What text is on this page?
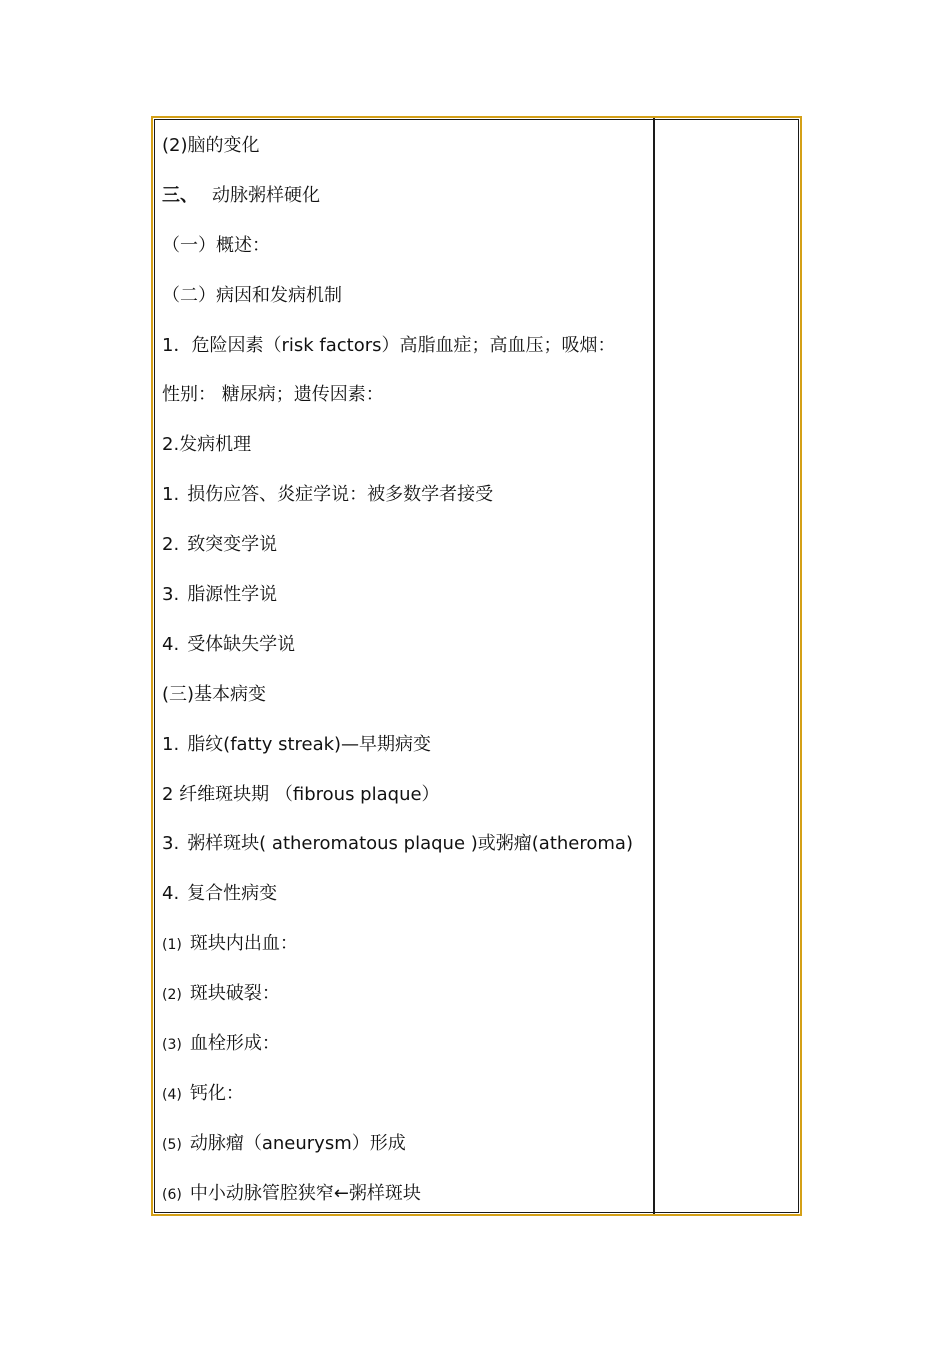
(2)脑的变化
三、 动脉粥样硬化
（一）概述：
（二）病因和发病机制
1．危险因素（risk factors）高脂血症；高血压；吸烟：
性别： 糖尿病；遗传因素：
2.发病机理
1. 损伤应答、炎症学说：被多数学者接受
2. 致突变学说
3. 脂源性学说
4. 受体缺失学说
(三)基本病变
1. 脂纹(fatty streak)—早期病变
2 纤维斑块期 （fibrous plaque）
3. 粥样斑块( atheromatous plaque )或粥瘤(atheroma)
4. 复合性病变
(1) 斑块内出血：
(2) 斑块破裂：
(3) 血栓形成：
(4) 钙化：
(5) 动脉瘤（aneurysm）形成
(6) 中小动脉管腔狭窄←粥样斑块
